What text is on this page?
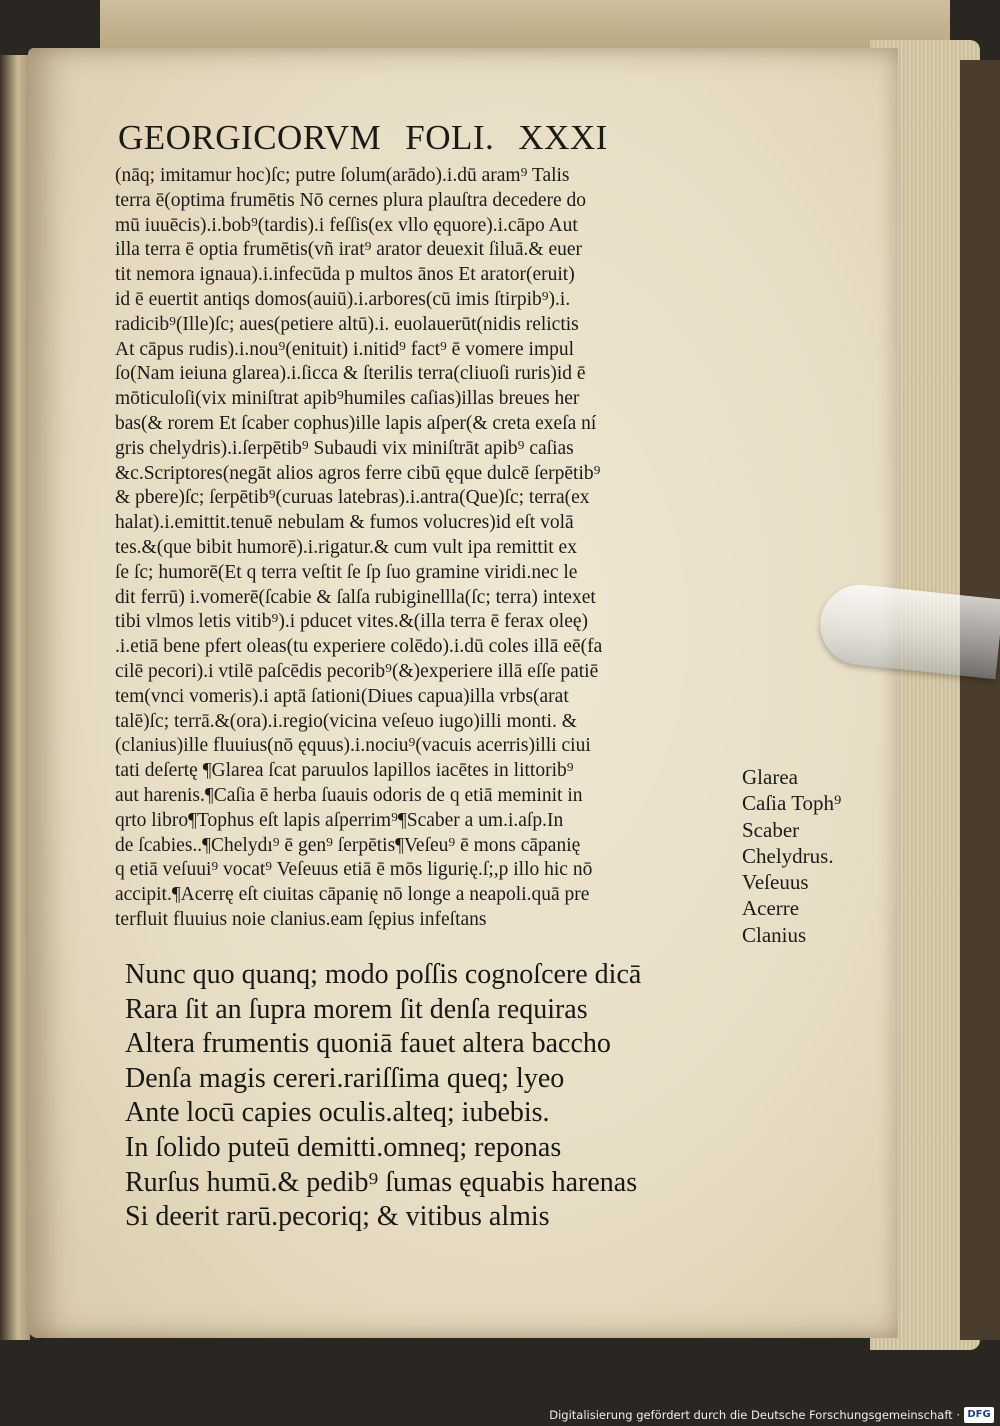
GEORGICORVM FOLI. XXXI
(nāq; imitamur hoc)ſc; putre ſolum(arādo).i.dū aram⁹ Talis
terra ē(optima frumētis Nō cernes plura plauſtra decedere do
mū iuuēcis).i.bob⁹(tardis).i feſſis(ex vllo ęquore).i.cāpo Aut
illa terra ē optia frumētis(vñ irat⁹ arator deuexit ſiluā.& euer
tit nemora ignaua).i.infecūda p multos ānos Et arator(eruit)
id ē euertit antiqs domos(auiū).i.arbores(cū imis ſtirpib⁹).i.
radicib⁹(Ille)ſc; aues(petiere altū).i. euolauerūt(nidis relictis
At cāpus rudis).i.nou⁹(enituit) i.nitid⁹ fact⁹ ē vomere impul
ſo(Nam ieiuna glarea).i.ſicca & ſterilis terra(cliuoſi ruris)id ē
mōticuloſi(vix miniſtrat apib⁹humiles caſias)illas breues her
bas(& rorem Et ſcaber cophus)ille lapis aſper(& creta exeſa ní
gris chelydris).i.ſerpētib⁹ Subaudi vix miniſtrāt apib⁹ caſias
&c.Scriptores(negāt alios agros ferre cibū ęque dulcē ſerpētib⁹
& pbere)ſc; ſerpētib⁹(curuas latebras).i.antra(Que)ſc; terra(ex
halat).i.emittit.tenuē nebulam & fumos volucres)id eſt volā
tes.&(que bibit humorē).i.rigatur.& cum vult ipa remittit ex
ſe ſc; humorē(Et q terra veſtit ſe ſp ſuo gramine viridi.nec le
dit ferrū) i.vomerē(ſcabie & ſalſa rubiginellla(ſc; terra) intexet
tibi vlmos letis vitib⁹).i pducet vites.&(illa terra ē ferax oleę)
.i.etiā bene pfert oleas(tu experiere colēdo).i.dū coles illā eē(fa
cilē pecori).i vtilē paſcēdis pecorib⁹(&)experiere illā eſſe patiē
tem(vnci vomeris).i aptā ſationi(Diues capua)illa vrbs(arat
talē)ſc; terrā.&(ora).i.regio(vicina veſeuo iugo)illi monti. &
(clanius)ille fluuius(nō ęquus).i.nociu⁹(vacuis acerris)illi ciui
tati deſertę ¶Glarea ſcat paruulos lapillos iacētes in littorib⁹
aut harenis.¶Caſia ē herba ſuauis odoris de q etiā meminit in
qrto libro¶Tophus eſt lapis aſperrim⁹¶Scaber a um.i.aſp.In
de ſcabies..¶Chelydı⁹ ē gen⁹ ſerpētis¶Veſeu⁹ ē mons cāpanię
q etiā veſuui⁹ vocat⁹ Veſeuus etiā ē mōs ligurię.ſ;,p illo hic nō
accipit.¶Acerrę eſt ciuitas cāpanię nō longe a neapoli.quā pre
terfluit fluuius noie clanius.eam ſępius infeſtans
Glarea
Caſia Toph⁹
Scaber
Chelydrus.
Veſeuus
Acerre
Clanius
Nunc quo quanq; modo poſſis cognoſcere dicā
Rara ſit an ſupra morem ſit denſa requiras
Altera frumentis quoniā fauet altera baccho
Denſa magis cereri.rariſſima queq; lyeo
Ante locū capies oculis.alteq; iubebis.
In ſolido puteū demitti.omneq; reponas
Rurſus humū.& pedib⁹ ſumas ęquabis harenas
Si deerit rarū.pecoriq; & vitibus almis
Digitalisierung gefördert durch die Deutsche Forschungsgemeinschaft · DFG
